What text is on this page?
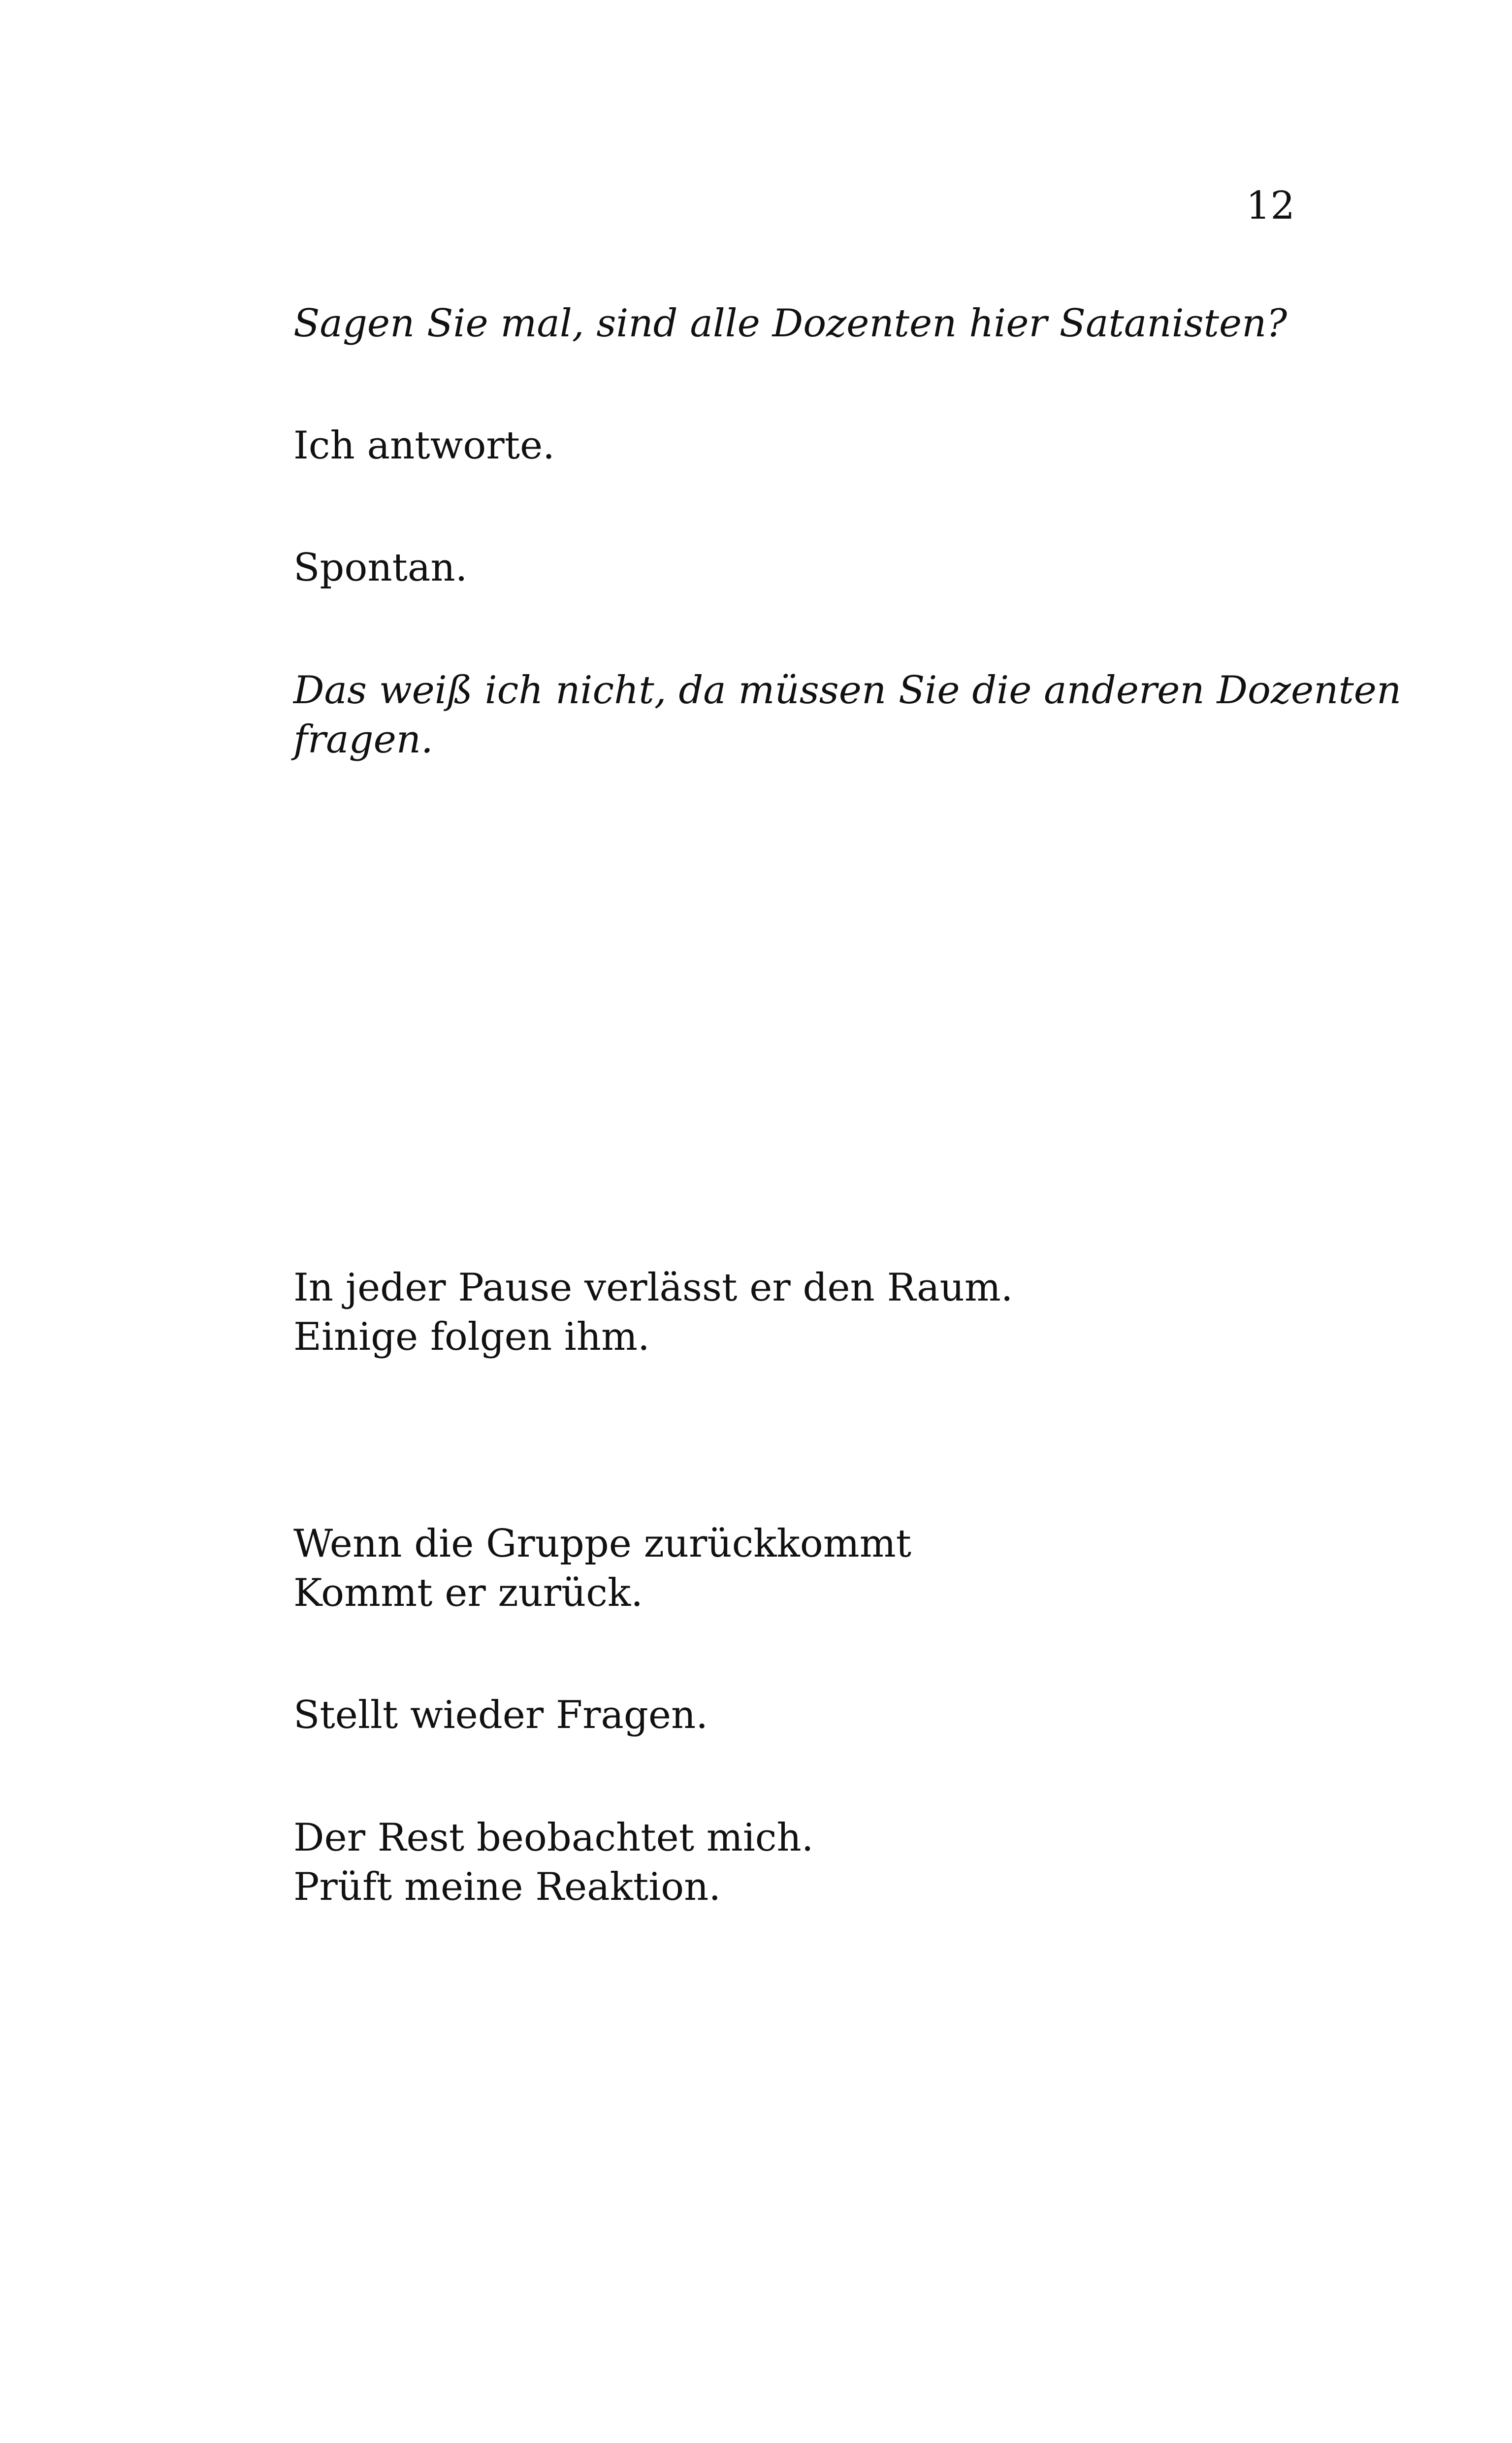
12

Sagen Sie mal, sind alle Dozenten hier Satanisten?

Ich antworte.

Spontan.

Das weiß ich nicht, da müssen Sie die anderen Dozenten

fragen.

In jeder Pause verlässt er den Raum.

Einige folgen ihm.

Wenn die Gruppe zurückkommt

Kommt er zurück.

Stellt wieder Fragen.

Der Rest beobachtet mich.

Prüft meine Reaktion.
